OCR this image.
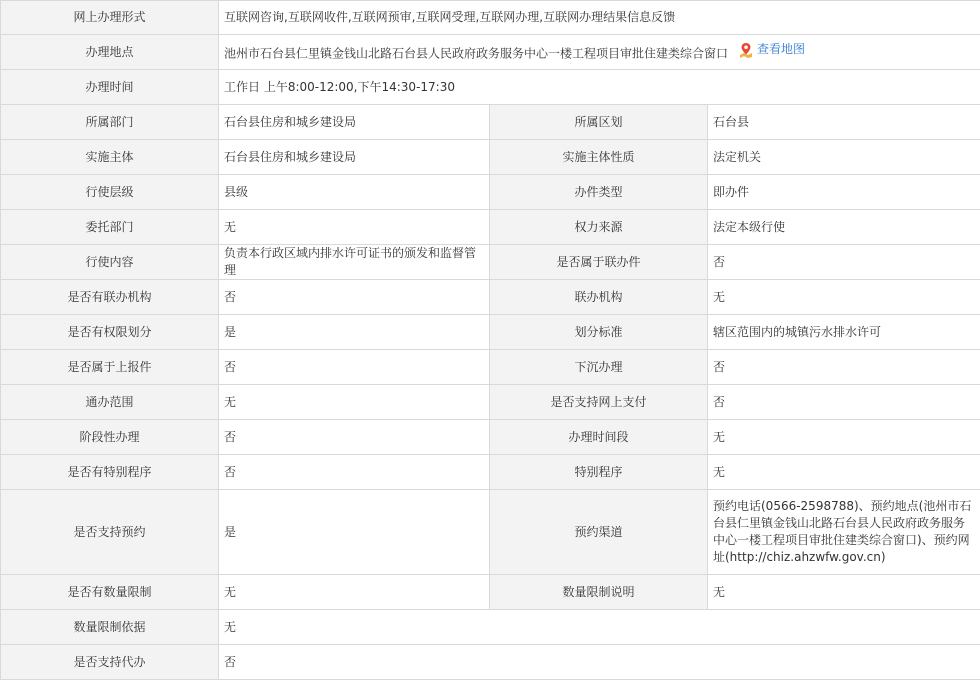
网上办理形式	互联网咨询,互联网收件,互联网预审,互联网受理,互联网办理,互联网办理结果信息反馈		
办理地点	池州市石台县仁里镇金钱山北路石台县人民政府政务服务中心一楼工程项目审批住建类综合窗口 查看地图		

办理时间	工作日 上午8:00-12:00,下午14:30-17:30		
所属部门	石台县住房和城乡建设局	所属区划	石台县
实施主体	石台县住房和城乡建设局	实施主体性质	法定机关
行使层级	县级	办件类型	即办件
委托部门	无	权力来源	法定本级行使
行使内容	负责本行政区域内排水许可证书的颁发和监督管理	是否属于联办件	否
是否有联办机构	否	联办机构	无
是否有权限划分	是	划分标准	辖区范围内的城镇污水排水许可
是否属于上报件	否	下沉办理	否
通办范围	无	是否支持网上支付	否
阶段性办理	否	办理时间段	无
是否有特别程序	否	特别程序	无
是否支持预约	是	预约渠道	预约电话(0566-2598788)、预约地点(池州市石台县仁里镇金钱山北路石台县人民政府政务服务中心一楼工程项目审批住建类综合窗口)、预约网址(http://chiz.ahzwfw.gov.cn)
是否有数量限制	无	数量限制说明	无
数量限制依据	无		
是否支持代办	否		
